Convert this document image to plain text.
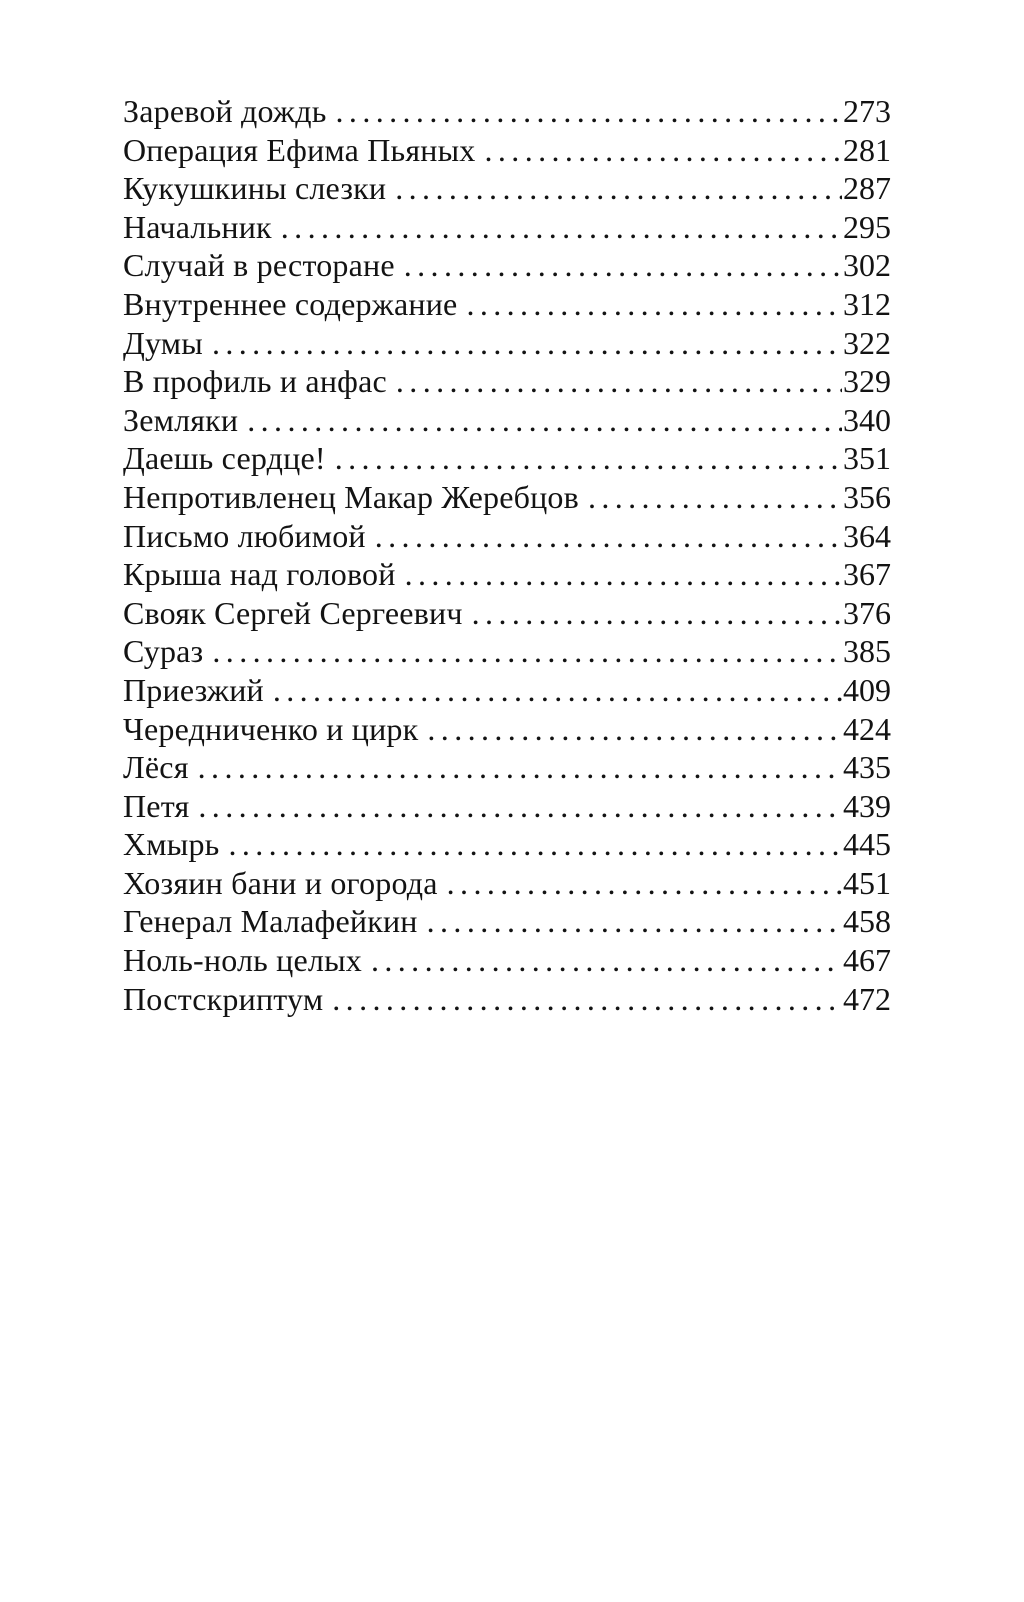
Заревой дождь .....	273
Операция Ефима Пьяных .....	281
Кукушкины слезки .....	287
Начальник .....	295
Случай в ресторане .....	302
Внутреннее содержание .....	312
Думы .....	322
В профиль и анфас .....	329
Земляки .....	340
Даешь сердце! .....	351
Непротивленец Макар Жеребцов .....	356
Письмо любимой .....	364
Крыша над головой .....	367
Свояк Сергей Сергеевич .....	376
Сураз .....	385
Приезжий .....	409
Чередниченко и цирк .....	424
Лёся .....	435
Петя .....	439
Хмырь .....	445
Хозяин бани и огорода .....	451
Генерал Малафейкин .....	458
Ноль-ноль целых .....	467
Постскриптум .....	472
